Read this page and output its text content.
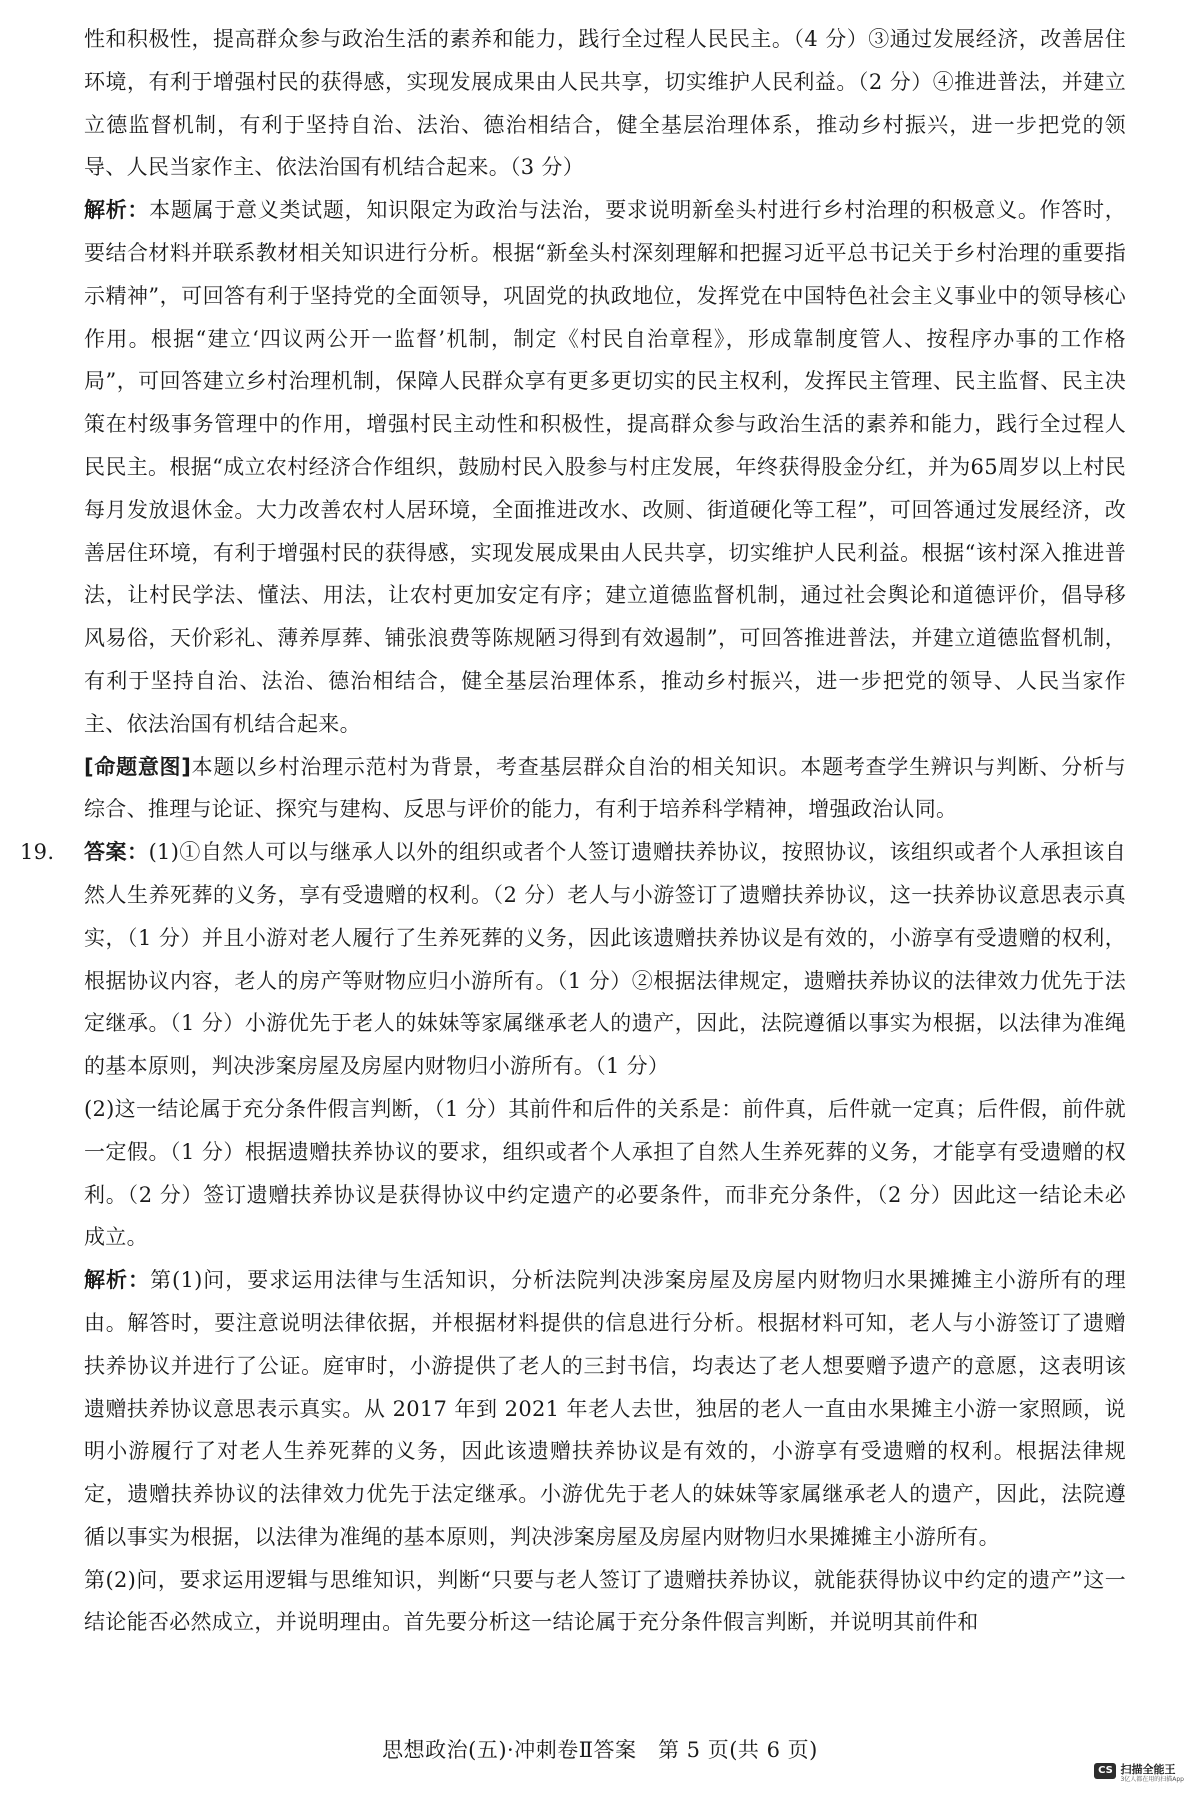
性和积极性，提高群众参与政治生活的素养和能力，践行全过程人民民主。（4 分）③通过发展经济，改善居住环境，有利于增强村民的获得感，实现发展成果由人民共享，切实维护人民利益。（2 分）④推进普法，并建立立德监督机制，有利于坚持自治、法治、德治相结合，健全基层治理体系，推动乡村振兴，进一步把党的领导、人民当家作主、依法治国有机结合起来。（3 分）

解析：本题属于意义类试题，知识限定为政治与法治，要求说明新垒头村进行乡村治理的积极意义。作答时，要结合材料并联系教材相关知识进行分析。根据“新垒头村深刻理解和把握习近平总书记关于乡村治理的重要指示精神”，可回答有利于坚持党的全面领导，巩固党的执政地位，发挥党在中国特色社会主义事业中的领导核心作用。根据“建立‘四议两公开一监督’机制，制定《村民自治章程》，形成靠制度管人、按程序办事的工作格局”，可回答建立乡村治理机制，保障人民群众享有更多更切实的民主权利，发挥民主管理、民主监督、民主决策在村级事务管理中的作用，增强村民主动性和积极性，提高群众参与政治生活的素养和能力，践行全过程人民民主。根据“成立农村经济合作组织，鼓励村民入股参与村庄发展，年终获得股金分红，并为65周岁以上村民每月发放退休金。大力改善农村人居环境，全面推进改水、改厕、街道硬化等工程”，可回答通过发展经济，改善居住环境，有利于增强村民的获得感，实现发展成果由人民共享，切实维护人民利益。根据“该村深入推进普法，让村民学法、懂法、用法，让农村更加安定有序；建立道德监督机制，通过社会舆论和道德评价，倡导移风易俗，天价彩礼、薄养厚葬、铺张浪费等陈规陋习得到有效遏制”，可回答推进普法，并建立道德监督机制，有利于坚持自治、法治、德治相结合，健全基层治理体系，推动乡村振兴，进一步把党的领导、人民当家作主、依法治国有机结合起来。

[命题意图]本题以乡村治理示范村为背景，考查基层群众自治的相关知识。本题考查学生辨识与判断、分析与综合、推理与论证、探究与建构、反思与评价的能力，有利于培养科学精神，增强政治认同。

19. 答案：(1)①自然人可以与继承人以外的组织或者个人签订遗赠扶养协议，按照协议，该组织或者个人承担该自然人生养死葬的义务，享有受遗赠的权利。（2 分）老人与小游签订了遗赠扶养协议，这一扶养协议意思表示真实，（1 分）并且小游对老人履行了生养死葬的义务，因此该遗赠扶养协议是有效的，小游享有受遗赠的权利，根据协议内容，老人的房产等财物应归小游所有。（1 分）②根据法律规定，遗赠扶养协议的法律效力优先于法定继承。（1 分）小游优先于老人的妹妹等家属继承老人的遗产，因此，法院遵循以事实为根据，以法律为准绳的基本原则，判决涉案房屋及房屋内财物归小游所有。（1 分）

(2)这一结论属于充分条件假言判断，（1 分）其前件和后件的关系是：前件真，后件就一定真；后件假，前件就一定假。（1 分）根据遗赠扶养协议的要求，组织或者个人承担了自然人生养死葬的义务，才能享有受遗赠的权利。（2 分）签订遗赠扶养协议是获得协议中约定遗产的必要条件，而非充分条件，（2 分）因此这一结论未必成立。

解析：第(1)问，要求运用法律与生活知识，分析法院判决涉案房屋及房屋内财物归水果摊摊主小游所有的理由。解答时，要注意说明法律依据，并根据材料提供的信息进行分析。根据材料可知，老人与小游签订了遗赠扶养协议并进行了公证。庭审时，小游提供了老人的三封书信，均表达了老人想要赠予遗产的意愿，这表明该遗赠扶养协议意思表示真实。从 2017 年到 2021 年老人去世，独居的老人一直由水果摊主小游一家照顾，说明小游履行了对老人生养死葬的义务，因此该遗赠扶养协议是有效的，小游享有受遗赠的权利。根据法律规定，遗赠扶养协议的法律效力优先于法定继承。小游优先于老人的妹妹等家属继承老人的遗产，因此，法院遵循以事实为根据，以法律为准绳的基本原则，判决涉案房屋及房屋内财物归水果摊摊主小游所有。

第(2)问，要求运用逻辑与思维知识，判断“只要与老人签订了遗赠扶养协议，就能获得协议中约定的遗产”这一结论能否必然成立，并说明理由。首先要分析这一结论属于充分条件假言判断，并说明其前件和

思想政治(五)·冲刺卷Ⅱ答案　第 5 页(共 6 页)
CS 扫描全能王
3亿人都在用的扫描App
